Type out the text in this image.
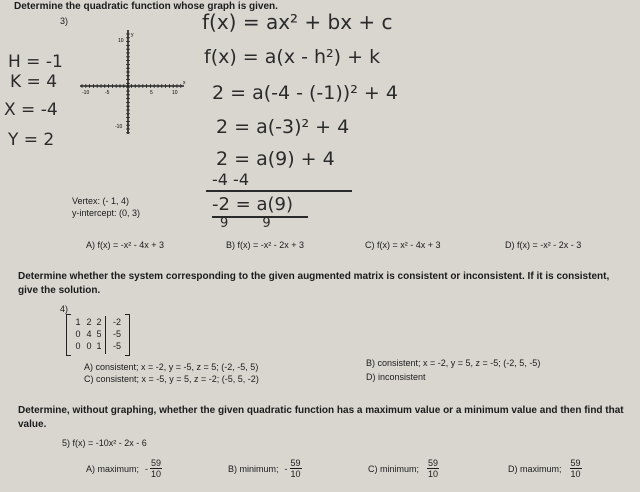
Determine the quadratic function whose graph is given.
3)
-10	-5	5	10
10
-10
x
y
H = -1
K = 4
X = -4
Y = 2
f(x) = ax² + bx + c
f(x) = a(x - h²) + k
2 = a(-4 - (-1))² + 4
2 = a(-3)² + 4
2 = a(9) + 4
-4 -4
-2 = a(9)
9 9
Vertex: (- 1, 4)
y-intercept: (0, 3)
A) f(x) = -x² - 4x + 3	B) f(x) = -x² - 2x + 3	C) f(x) = x² - 4x + 3	D) f(x) = -x² - 2x - 3
Determine whether the system corresponding to the given augmented matrix is consistent or inconsistent. If it is consistent, give the solution.
4)
1 2 2	-2
0 4 5	-5
0 0 1	-5
A) consistent; x = -2, y = -5, z = 5; (-2, -5, 5)	B) consistent; x = -2, y = 5, z = -5; (-2, 5, -5)
C) consistent; x = -5, y = 5, z = -2; (-5, 5, -2)	D) inconsistent
Determine, without graphing, whether the given quadratic function has a maximum value or a minimum value and then find that value.
5) f(x) = -10x² - 2x - 6
A) maximum; - $\frac{59}{10}$	B) minimum; - $\frac{59}{10}$	C) minimum; $\frac{59}{10}$	D) maximum; $\frac{59}{10}$
